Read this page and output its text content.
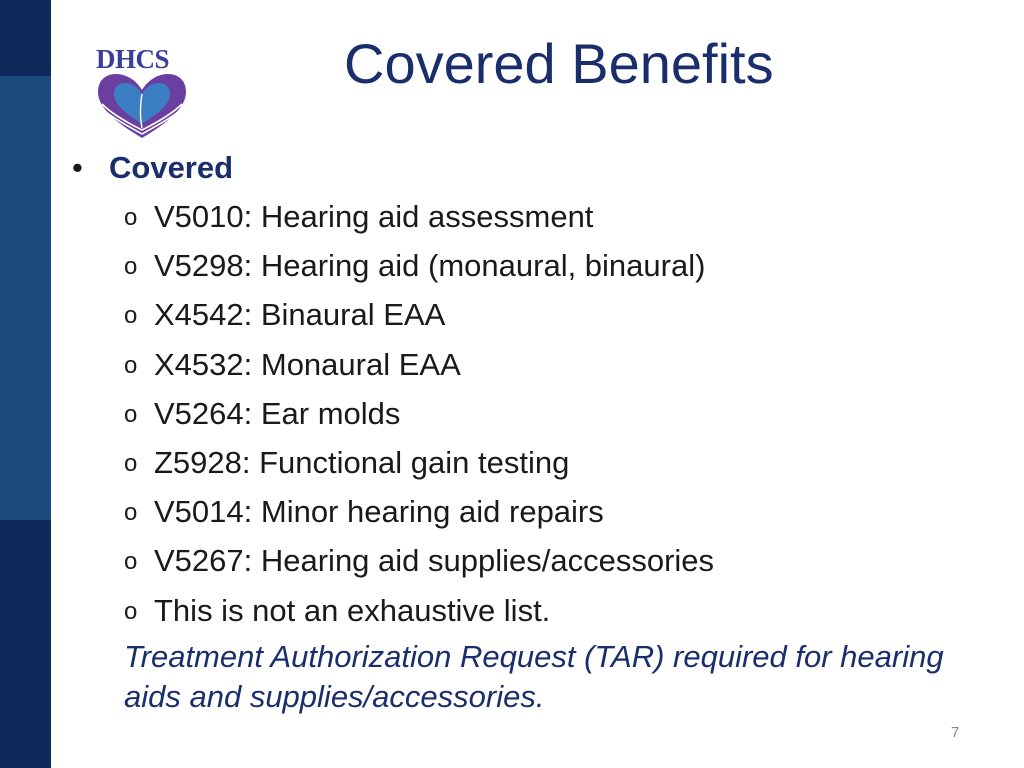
DHCS	Covered Benefits
• Covered
o V5010: Hearing aid assessment
o V5298: Hearing aid (monaural, binaural)
o X4542: Binaural EAA
o X4532: Monaural EAA
o V5264: Ear molds
o Z5928: Functional gain testing
o V5014: Minor hearing aid repairs
o V5267: Hearing aid supplies/accessories
o This is not an exhaustive list.
Treatment Authorization Request (TAR) required for hearing aids and supplies/accessories.
7
